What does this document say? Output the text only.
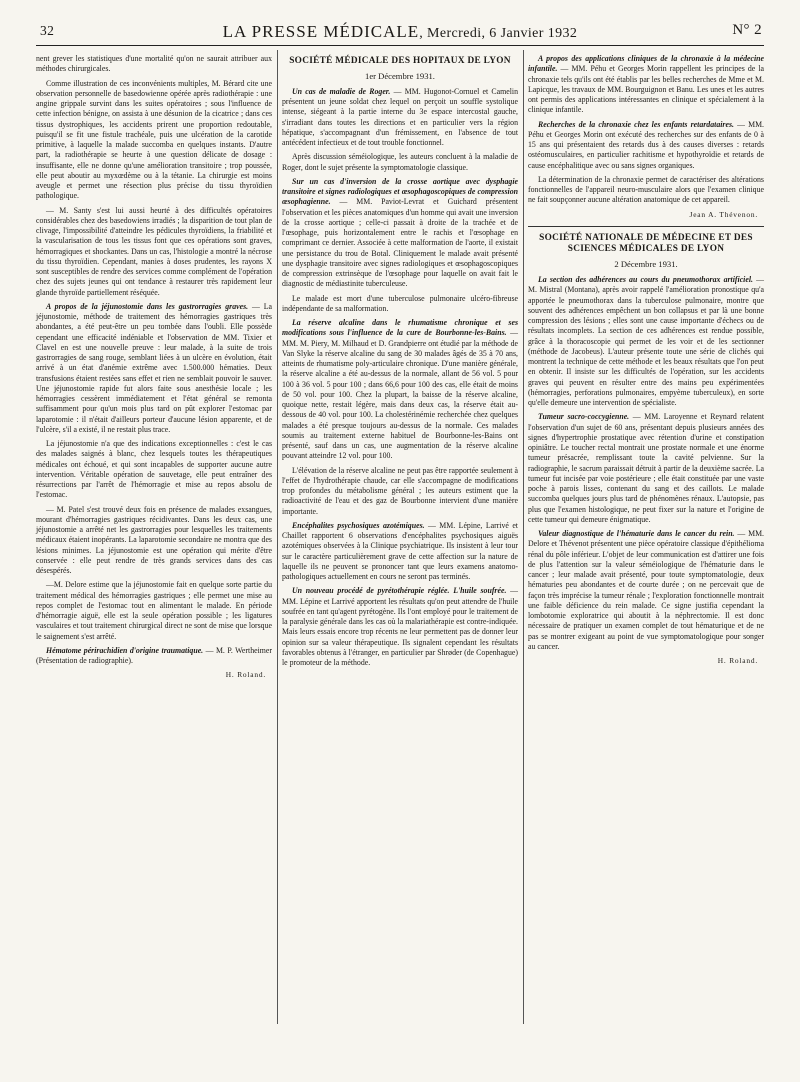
32	LA PRESSE MÉDICALE, Mercredi, 6 Janvier 1932	N° 2

nent grever les statistiques d'une mortalité qu'on ne saurait attribuer aux méthodes chirurgicales.

Comme illustration de ces inconvénients multiples, M. Bérard cite une observation personnelle de basedowienne opérée après radiothérapie : une angine grippale survint dans les suites opératoires ; sous l'influence de cette infection bénigne, on assista à une désunion de la cicatrice ; dans ces tissus dystrophiques, les accidents prirent une proportion redoutable, puisqu'il se fit une fistule trachéale, puis une ulcération de la carotide primitive, à laquelle la malade succomba en quelques instants. D'autre part, la radiothérapie se heurte à une question délicate de dosage : insuffisante, elle ne donne qu'une amélioration transitoire ; trop poussée, elle peut aboutir au myxœdème ou à la tétanie. La chirurgie est moins aveugle et permet une résection plus précise du tissu thyroïdien pathologique.

— M. Santy s'est lui aussi heurté à des difficultés opératoires considérables chez des basedowiens irradiés ; la disparition de tout plan de clivage, l'impossibilité d'atteindre les pédicules thyroïdiens, la friabilité et la vascularisation de tous les tissus font que ces opérations sont graves, hémorragiques et shockantes. Dans un cas, l'histologie a montré la nécrose du tissu thyroïdien. Cependant, manies à doses prudentes, les rayons X sont susceptibles de rendre des services comme complément de l'opération chez des sujets jeunes qui ont tendance à restaurer très rapidement leur glande thyroïde partiellement réséquée.

A propos de la jéjunostomie dans les gastrorragies graves. — La jéjunostomie, méthode de traitement des hémorragies gastriques très abondantes, a été peut-être un peu tombée dans l'oubli. Elle possède cependant une efficacité indéniable et l'observation de MM. Tixier et Clavel en est une nouvelle preuve : leur malade, à la suite de trois gastrorragies de sang rouge, semblant liées à un ulcère en évolution, était arrivé à un état d'anémie extrême avec 1.500.000 hématies. Deux transfusions étaient restées sans effet et rien ne semblait pouvoir le sauver. Une jéjunostomie rapide fut alors faite sous anesthésie locale ; les hémorragies cessèrent immédiatement et l'état général se remonta suffisamment pour qu'un mois plus tard on pût explorer l'estomac par laparotomie : il n'était d'ailleurs porteur d'aucune lésion apparente, et de l'ulcère, s'il a existé, il ne restait plus trace.

La jéjunostomie n'a que des indications exceptionnelles : c'est le cas des malades saignés à blanc, chez lesquels toutes les thérapeutiques médicales ont échoué, et qui sont incapables de supporter aucune autre intervention. Véritable opération de sauvetage, elle peut entraîner des résurrections par l'arrêt de l'hémorragie et mise au repos absolu de l'estomac.

— M. Patel s'est trouvé deux fois en présence de malades exsangues, mourant d'hémorragies gastriques récidivantes. Dans les deux cas, une jéjunostomie a arrêté net les gastrorragies pour lesquelles les traitements médicaux étaient inopérants. La laparotomie secondaire ne montra que des lésions minimes. La jéjunostomie est une opération qui mérite d'être conservée : elle peut rendre de très grands services dans des cas désespérés.

—M. Delore estime que la jéjunostomie fait en quelque sorte partie du traitement médical des hémorragies gastriques ; elle permet une mise au repos complet de l'estomac tout en alimentant le malade. En période d'hémorragie aiguë, elle est la seule opération possible ; les ligatures vasculaires et tout traitement chirurgical direct ne sont de mise que lorsque le saignement s'est arrêté.

Hématome périrachidien d'origine traumatique. — M. P. Wertheimer (Présentation de radiographie).

H. Roland.
SOCIÉTÉ MÉDICALE DES HOPITAUX DE LYON
1er Décembre 1931.

Un cas de maladie de Roger. — MM. Hugonot-Cornuel et Camelin présentent un jeune soldat chez lequel on perçoit un souffle systolique intense, siégeant à la partie interne du 3e espace intercostal gauche, s'irradiant dans toutes les directions et en particulier vers la région hépatique, s'accompagnant d'un frémissement, en l'absence de tout antécédent infectieux et de tout trouble fonctionnel.

Après discussion séméiologique, les auteurs concluent à la maladie de Roger, dont le sujet présente la symptomatologie classique.

Sur un cas d'inversion de la crosse aortique avec dysphagie transitoire et signes radiologiques et œsophagoscopiques de compression œsophagienne. — MM. Paviot-Levrat et Guichard présentent l'observation et les pièces anatomiques d'un homme qui avait une inversion de la crosse aortique ; celle-ci passait à droite de la trachée et de l'œsophage, puis horizontalement entre le rachis et l'œsophage en comprimant ce dernier. Associée à cette malformation de l'aorte, il existait une persistance du trou de Botal. Cliniquement le malade avait présenté une dysphagie transitoire avec signes radiologiques et œsophagoscopiques de compression extrinsèque de l'œsophage pour laquelle on avait fait le diagnostic de médiastinite tuberculeuse.

Le malade est mort d'une tuberculose pulmonaire ulcéro-fibreuse indépendante de sa malformation.

La réserve alcaline dans le rhumatisme chronique et ses modifications sous l'influence de la cure de Bourbonne-les-Bains. — MM. M. Piery, M. Milhaud et D. Grandpierre ont étudié par la méthode de Van Slyke la réserve alcaline du sang de 30 malades âgés de 35 à 70 ans, atteints de rhumatisme poly-articulaire chronique. D'une manière générale, la réserve alcaline a été au-dessus de la normale, allant de 56 vol. 5 pour 100 à 36 vol. 5 pour 100 ; dans 66,6 pour 100 des cas, elle était de moins de 50 vol. pour 100. Chez la plupart, la baisse de la réserve alcaline, quoique nette, restait légère, mais dans deux cas, la réserve était au-dessous de 40 vol. pour 100. La cholestérinémie recherchée chez quelques malades a été presque toujours au-dessus de la normale. Ces malades soumis au traitement externe habituel de Bourbonne-les-Bains ont présenté, sauf dans un cas, une augmentation de la réserve alcaline pouvant atteindre 12 vol. pour 100.

L'élévation de la réserve alcaline ne peut pas être rapportée seulement à l'effet de l'hydrothérapie chaude, car elle s'accompagne de modifications trop profondes du métabolisme général ; les auteurs estiment que la radioactivité de l'eau et des gaz de Bourbonne intervient d'une manière importante.

Encéphalites psychosiques azotémiques. — MM. Lépine, Larrivé et Chaillet rapportent 6 observations d'encéphalites psychosiques aiguës azotémiques observées à la Clinique psychiatrique. Ils insistent à leur tour sur le caractère particulièrement grave de cette affection sur la nature de laquelle ils ne peuvent se prononcer tant que leurs examens anatomo-pathologiques actuellement en cours ne seront pas terminés.

Un nouveau procédé de pyrétothérapie réglée. L'huile soufrée. — MM. Lépine et Larrivé apportent les résultats qu'on peut attendre de l'huile soufrée en tant qu'agent pyrétogène. Ils l'ont employé pour le traitement de la paralysie générale dans les cas où la malariathérapie est contre-indiquée. Mais leurs essais encore trop récents ne leur permettent pas de donner leur opinion sur sa valeur thérapeutique. Ils signalent cependant les résultats favorables obtenus à l'étranger, en particulier par Shrøder (de Copenhague) le promoteur de la méthode.

A propos des applications cliniques de la chronaxie à la médecine infantile. — MM. Péhu et Georges Morin rappellent les principes de la chronaxie tels qu'ils ont été établis par les belles recherches de Mme et M. Lapicque, les travaux de MM. Bourguignon et Banu. Les unes et les autres ont permis des applications intéressantes en clinique et spécialement à la clinique infantile.

Recherches de la chronaxie chez les enfants retardataires. — MM. Péhu et Georges Morin ont exécuté des recherches sur des enfants de 0 à 15 ans qui présentaient des retards dus à des causes diverses : retards ostéomusculaires, en particulier rachitisme et hypothyroïdie et retards de cause encéphalitique avec ou sans signes organiques.

La détermination de la chronaxie permet de caractériser des altérations fonctionnelles de l'appareil neuro-musculaire alors que l'examen clinique ne fait soupçonner aucune altération anatomique de cet appareil.

Jean A. Thévenon.
SOCIÉTÉ NATIONALE DE MÉDECINE ET DES SCIENCES MÉDICALES DE LYON
2 Décembre 1931.

La section des adhérences au cours du pneumothorax artificiel. — M. Mistral (Montana), après avoir rappelé l'amélioration pronostique qu'a apportée le pneumothorax dans la tuberculose pulmonaire, montre que souvent des adhérences empêchent un bon collapsus et par là une bonne compression des lésions ; elles sont une cause importante d'échecs ou de résultats incomplets. La section de ces adhérences est rendue possible, grâce à la thoracoscopie qui permet de les voir et de les sectionner (méthode de Jacobeus). L'auteur présente toute une série de clichés qui montrent la technique de cette méthode et les beaux résultats que l'on peut en obtenir. Il insiste sur les difficultés de l'opération, sur les accidents graves qui peuvent en résulter entre des mains peu expérimentées (hémorragies, perforations pulmonaires, empyème tuberculeux), en sorte qu'elle demeure une intervention de spécialiste.

Tumeur sacro-coccygienne. — MM. Laroyenne et Reynard relatent l'observation d'un sujet de 60 ans, présentant depuis plusieurs années des signes d'hypertrophie prostatique avec rétention d'urine et constipation opiniâtre. Le toucher rectal montrait une prostate normale et une énorme tumeur présacrée, remplissant toute la cavité pelvienne. Sur la radiographie, le sacrum paraissait détruit à partir de la deuxième sacrée. La tumeur fut incisée par voie postérieure ; elle était constituée par une vaste poche à parois lisses, contenant du sang et des caillots. Le malade succomba quelques jours plus tard de phénomènes rénaux. L'autopsie, pas plus que l'examen histologique, ne peut fixer sur la nature et l'origine de cette tumeur qui demeure énigmatique.

Valeur diagnostique de l'hématurie dans le cancer du rein. — MM. Delore et Thévenot présentent une pièce opératoire classique d'épithélioma rénal du pôle inférieur. L'objet de leur communication est d'attirer une fois de plus l'attention sur la valeur séméiologique de l'hématurie dans le cancer ; leur malade avait présenté, pour toute symptomatologie, deux hématuries peu abondantes et de courte durée ; on ne percevait que de façon très imprécise la tumeur rénale ; l'exploration fonctionnelle montrait une faible déficience du rein malade. Ce signe justifia cependant la lombotomie exploratrice qui aboutit à la néphrectomie. Il est donc nécessaire de pratiquer un examen complet de tout hématurique et de ne pas se montrer exigeant au point de vue symptomatologique pour songer au cancer.

H. Roland.
